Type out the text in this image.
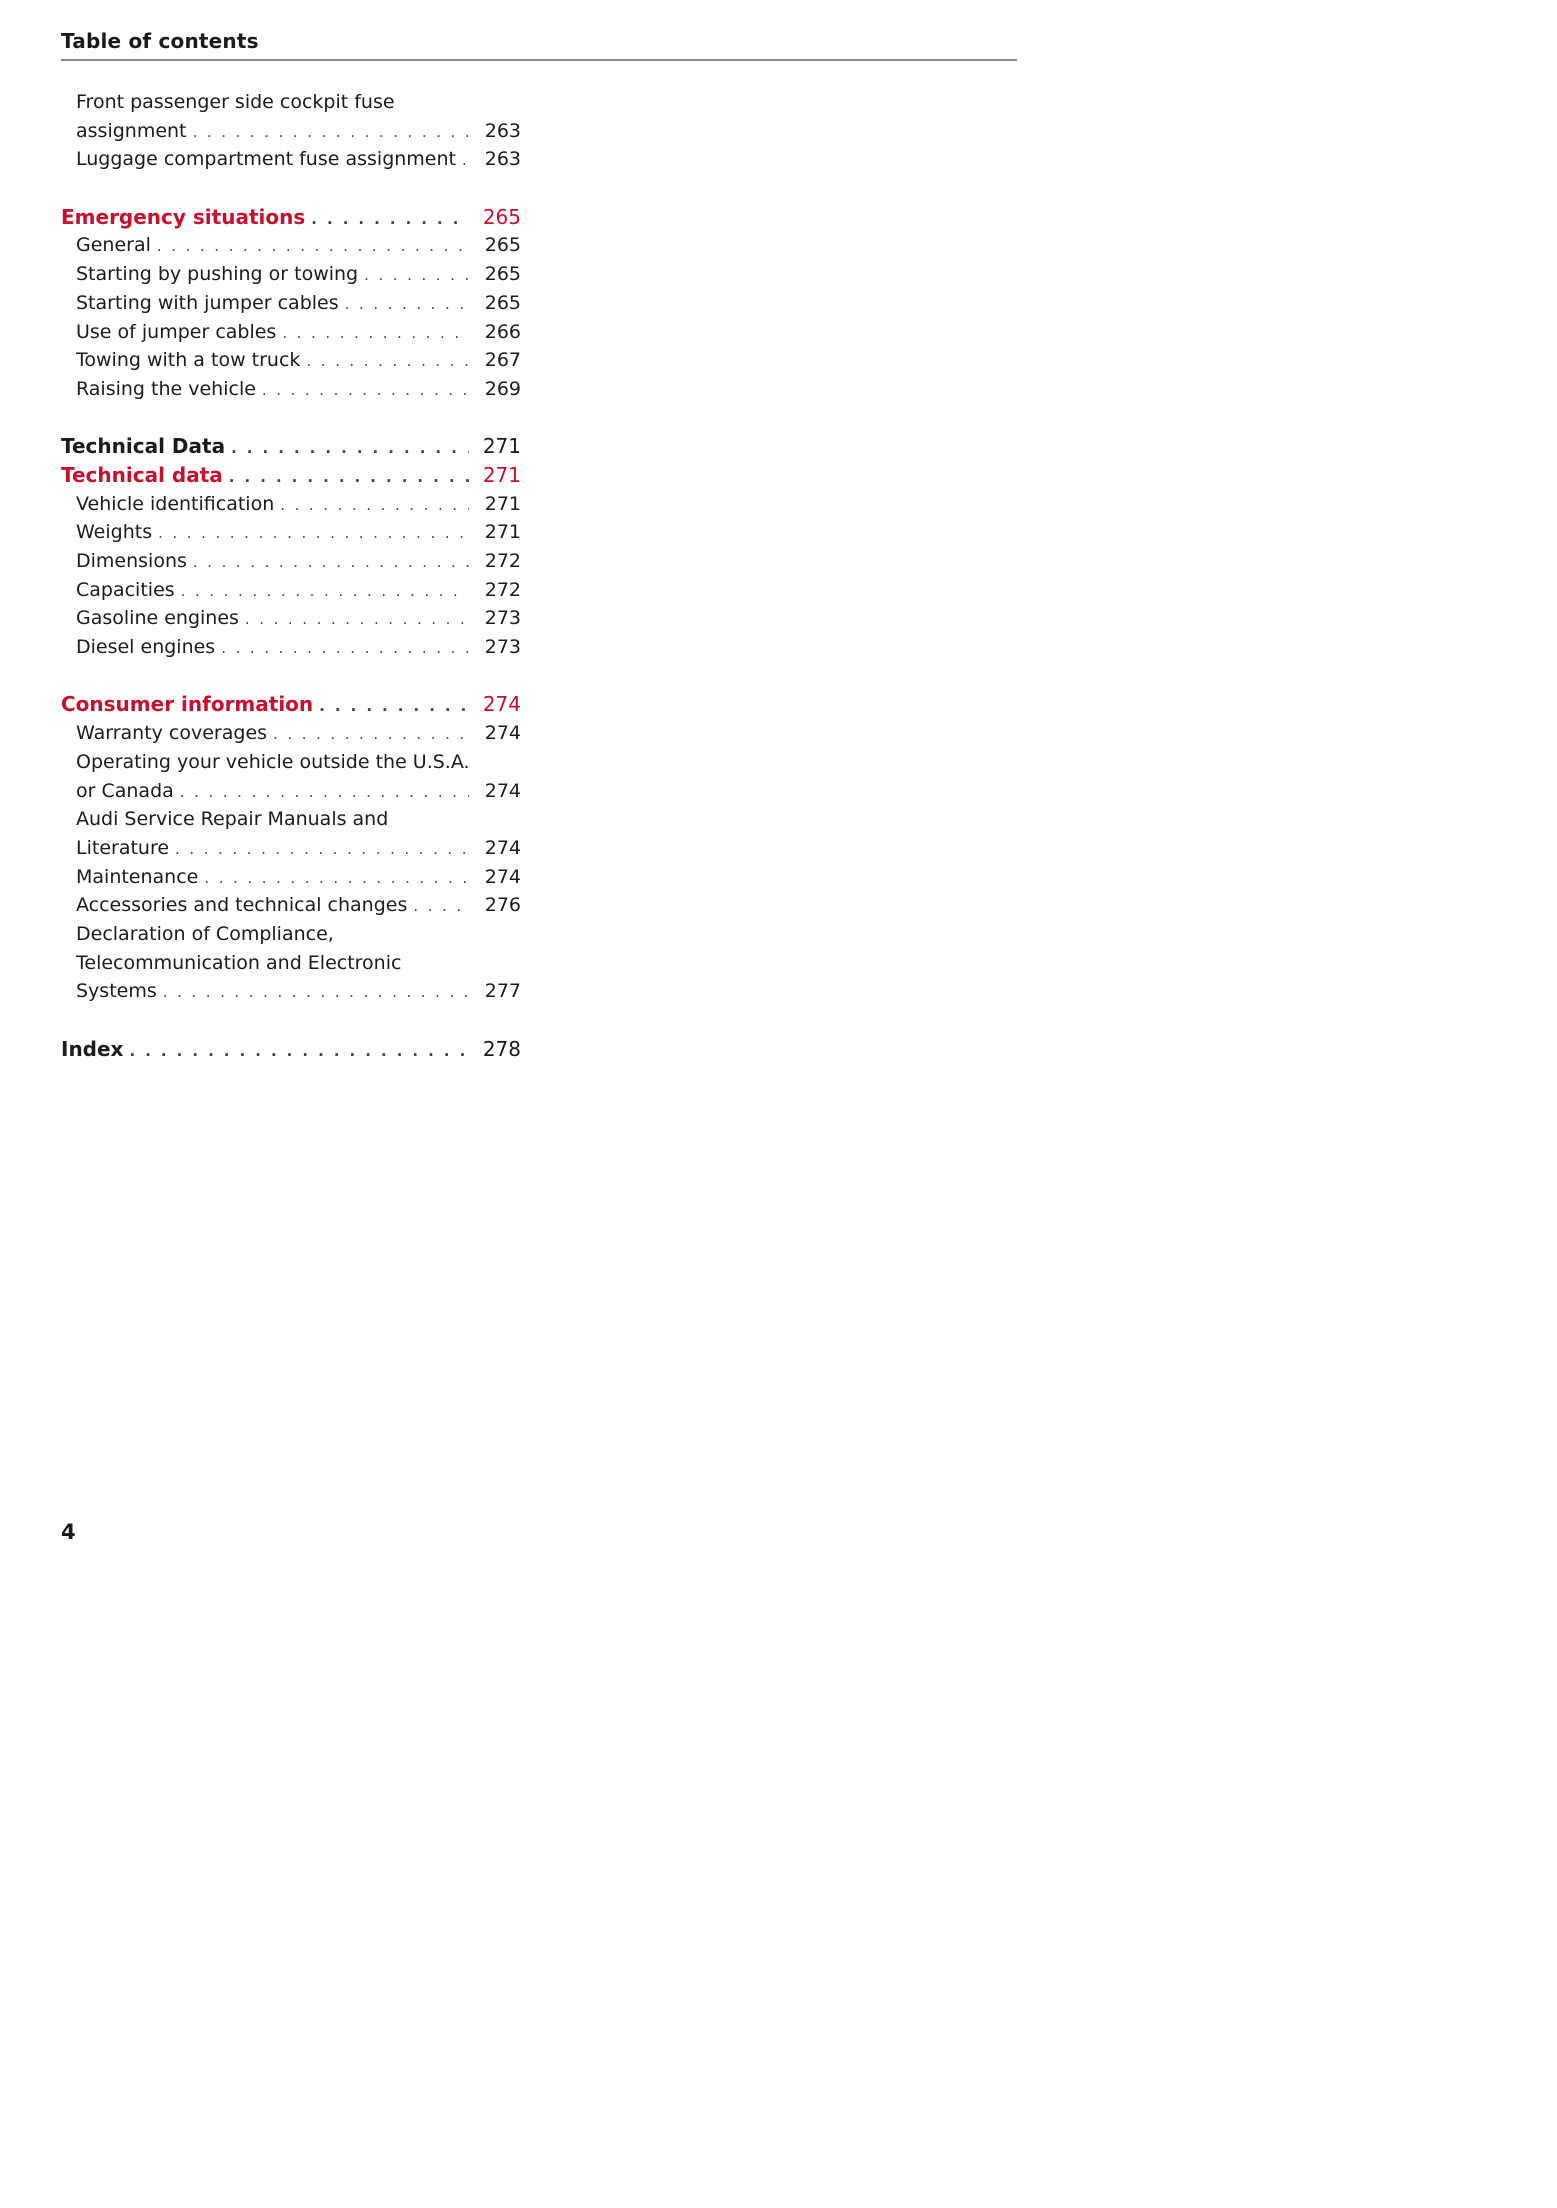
Table of contents
Front passenger side cockpit fuse
assignment . . .	263
Luggage compartment fuse assignment . . . 263
Emergency situations . . .	265
General . . .	265
Starting by pushing or towing . . .	265
Starting with jumper cables . . .	265
Use of jumper cables . . .	266
Towing with a tow truck . . .	267
Raising the vehicle . . .	269
Technical Data . . .	271
Technical data . . .	271
Vehicle identification . . .	271
Weights . . .	271
Dimensions . . .	272
Capacities . . .	272
Gasoline engines . . .	273
Diesel engines . . .	273
Consumer information . . .	274
Warranty coverages . . .	274
Operating your vehicle outside the U.S.A.
or Canada . . .	274
Audi Service Repair Manuals and
Literature . . .	274
Maintenance . . .	274
Accessories and technical changes . . .	276
Declaration of Compliance,
Telecommunication and Electronic
Systems . . .	277
Index . . .	278
4
